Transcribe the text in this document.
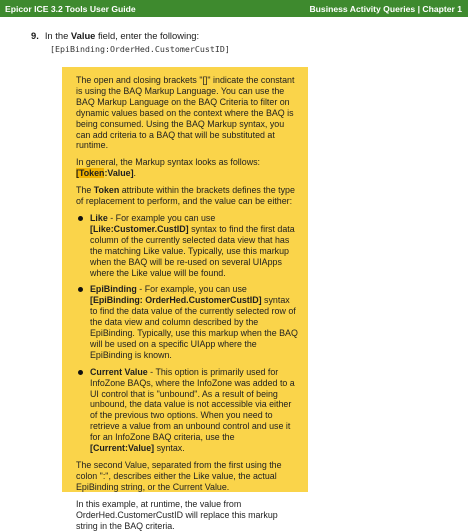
Epicor ICE 3.2 Tools User Guide	Business Activity Queries | Chapter 1
9. In the Value field, enter the following:
[EpiBinding:OrderHed.CustomerCustID]

The open and closing brackets "[]" indicate the constant is using the BAQ Markup Language. You can use the BAQ Markup Language on the BAQ Criteria to filter on dynamic values based on the context where the BAQ is being consumed. Using the BAQ Markup syntax, you can add criteria to a BAQ that will be substituted at runtime.

In general, the Markup syntax looks as follows: [Token:Value].

The Token attribute within the brackets defines the type of replacement to perform, and the value can be either:

Like - For example you can use [Like:Customer.CustID] syntax to find the first data column of the currently selected data view that has the matching Like value. Typically, use this markup when the BAQ will be re-used on several UIApps where the Like value will be found.
EpiBinding - For example, you can use [EpiBinding: OrderHed.CustomerCustID] syntax to find the data value of the currently selected row of the data view and column described by the EpiBinding. Typically, use this markup when the BAQ will be used on a specific UIApp where the EpiBinding is known.
Current Value - This option is primarily used for InfoZone BAQs, where the InfoZone was added to a UI control that is "unbound". As a result of being unbound, the data value is not accessible via either of the previous two options. When you need to retrieve a value from an unbound control and use it for an InfoZone BAQ criteria, use the [Current:Value] syntax.

The second Value, separated from the first using the colon ":", describes either the Like value, the actual EpiBinding string, or the Current Value.

In this example, at runtime, the value from OrderHed.CustomerCustID will replace this markup string in the BAQ criteria.
